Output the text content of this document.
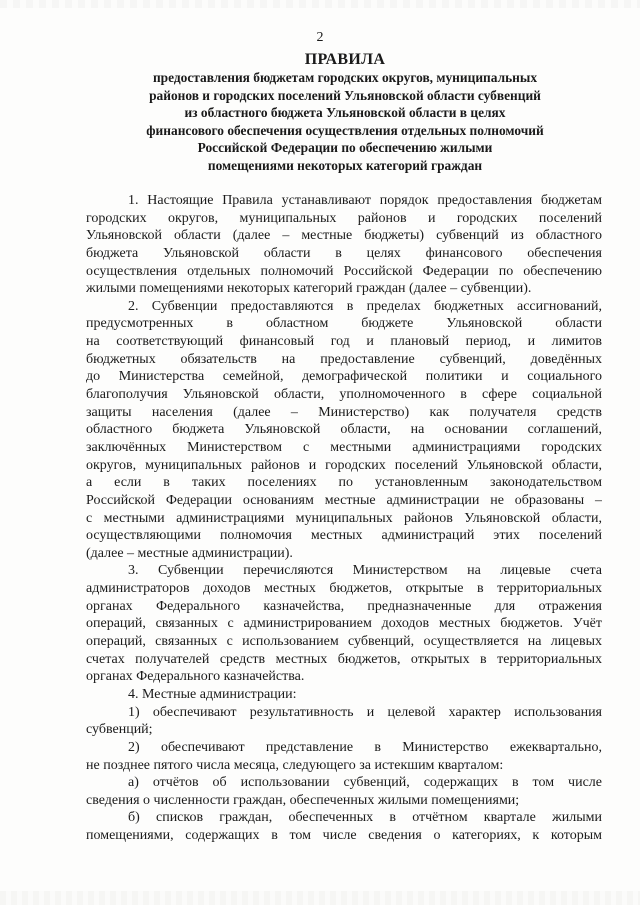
2
ПРАВИЛА
предоставления бюджетам городских округов, муниципальных
районов и городских поселений Ульяновской области субвенций
из областного бюджета Ульяновской области в целях
финансового обеспечения осуществления отдельных полномочий
Российской Федерации по обеспечению жилыми
помещениями некоторых категорий граждан
1. Настоящие Правила устанавливают порядок предоставления бюджетам
городских округов, муниципальных районов и городских поселений
Ульяновской области (далее – местные бюджеты) субвенций из областного
бюджета Ульяновской области в целях финансового обеспечения
осуществления отдельных полномочий Российской Федерации по обеспечению
жилыми помещениями некоторых категорий граждан (далее – субвенции).
2. Субвенции предоставляются в пределах бюджетных ассигнований,
предусмотренных в областном бюджете Ульяновской области
на соответствующий финансовый год и плановый период, и лимитов
бюджетных обязательств на предоставление субвенций, доведённых
до Министерства семейной, демографической политики и социального
благополучия Ульяновской области, уполномоченного в сфере социальной
защиты населения (далее – Министерство) как получателя средств
областного бюджета Ульяновской области, на основании соглашений,
заключённых Министерством с местными администрациями городских
округов, муниципальных районов и городских поселений Ульяновской области,
а если в таких поселениях по установленным законодательством
Российской Федерации основаниям местные администрации не образованы –
с местными администрациями муниципальных районов Ульяновской области,
осуществляющими полномочия местных администраций этих поселений
(далее – местные администрации).
3. Субвенции перечисляются Министерством на лицевые счета
администраторов доходов местных бюджетов, открытые в территориальных
органах Федерального казначейства, предназначенные для отражения
операций, связанных с администрированием доходов местных бюджетов. Учёт
операций, связанных с использованием субвенций, осуществляется на лицевых
счетах получателей средств местных бюджетов, открытых в территориальных
органах Федерального казначейства.
4. Местные администрации:
1) обеспечивают результативность и целевой характер использования
субвенций;
2) обеспечивают представление в Министерство ежеквартально,
не позднее пятого числа месяца, следующего за истекшим кварталом:
а) отчётов об использовании субвенций, содержащих в том числе
сведения о численности граждан, обеспеченных жилыми помещениями;
б) списков граждан, обеспеченных в отчётном квартале жилыми
помещениями, содержащих в том числе сведения о категориях, к которым
